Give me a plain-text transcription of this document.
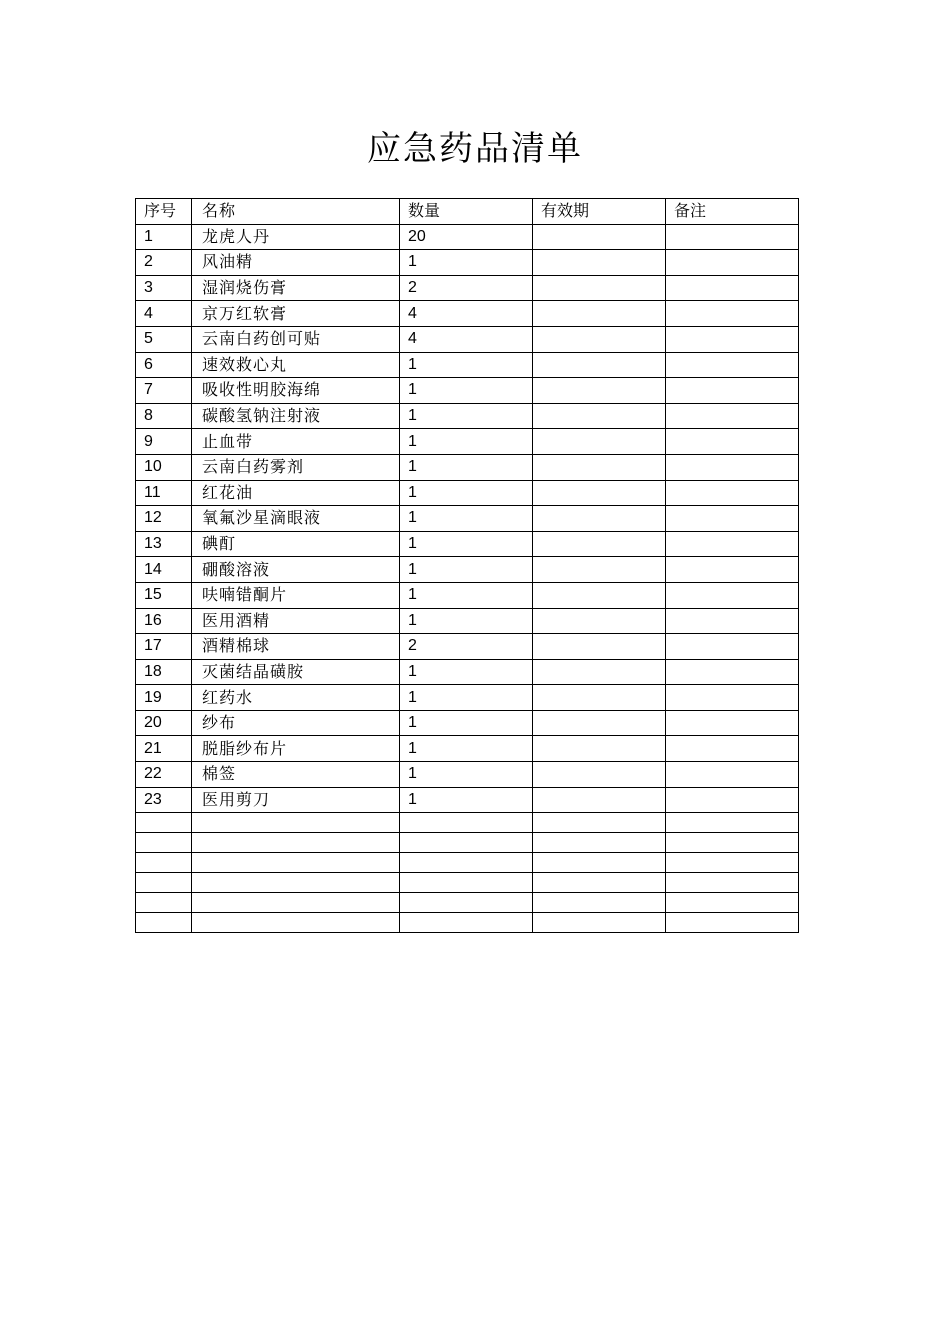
应急药品清单
序号	名称	数量	有效期	备注
1	龙虎人丹	20		
2	风油精	1		
3	湿润烧伤膏	2		
4	京万红软膏	4		
5	云南白药创可贴	4		
6	速效救心丸	1		
7	吸收性明胶海绵	1		
8	碳酸氢钠注射液	1		
9	止血带	1		
10	云南白药雾剂	1		
11	红花油	1		
12	氧氟沙星滴眼液	1		
13	碘酊	1		
14	硼酸溶液	1		
15	呋喃错酮片	1		
16	医用酒精	1		
17	酒精棉球	2		
18	灭菌结晶磺胺	1		
19	红药水	1		
20	纱布	1		
21	脱脂纱布片	1		
22	棉签	1		
23	医用剪刀	1		
